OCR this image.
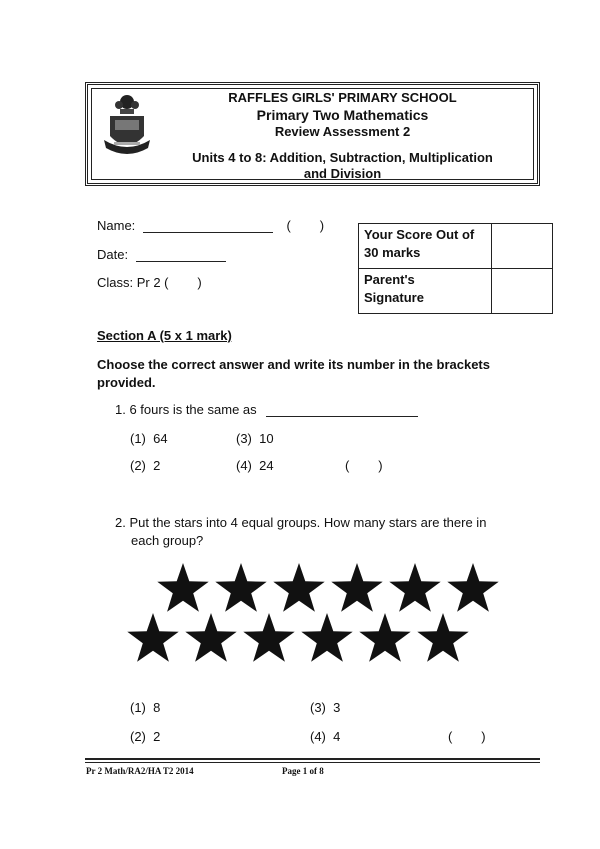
RAFFLES GIRLS' PRIMARY SCHOOL
Primary Two Mathematics
Review Assessment 2
Units 4 to 8: Addition, Subtraction, Multiplication
and Division
Name:	(        )
Date:
Class: Pr 2 (        )
Your Score Out of
30 marks	

Parent's
Signature	

Section A (5 x 1 mark)
Choose the correct answer and write its number in the brackets provided.
1. 6 fours is the same as
(1) 64	(3) 10
(2) 2	(4) 24	(        )
2. Put the stars into 4 equal groups. How many stars are there in
each group?
(1) 8	(3) 3
(2) 2	(4) 4	(        )
Pr 2 Math/RA2/HA T2 2014	Page 1 of 8
